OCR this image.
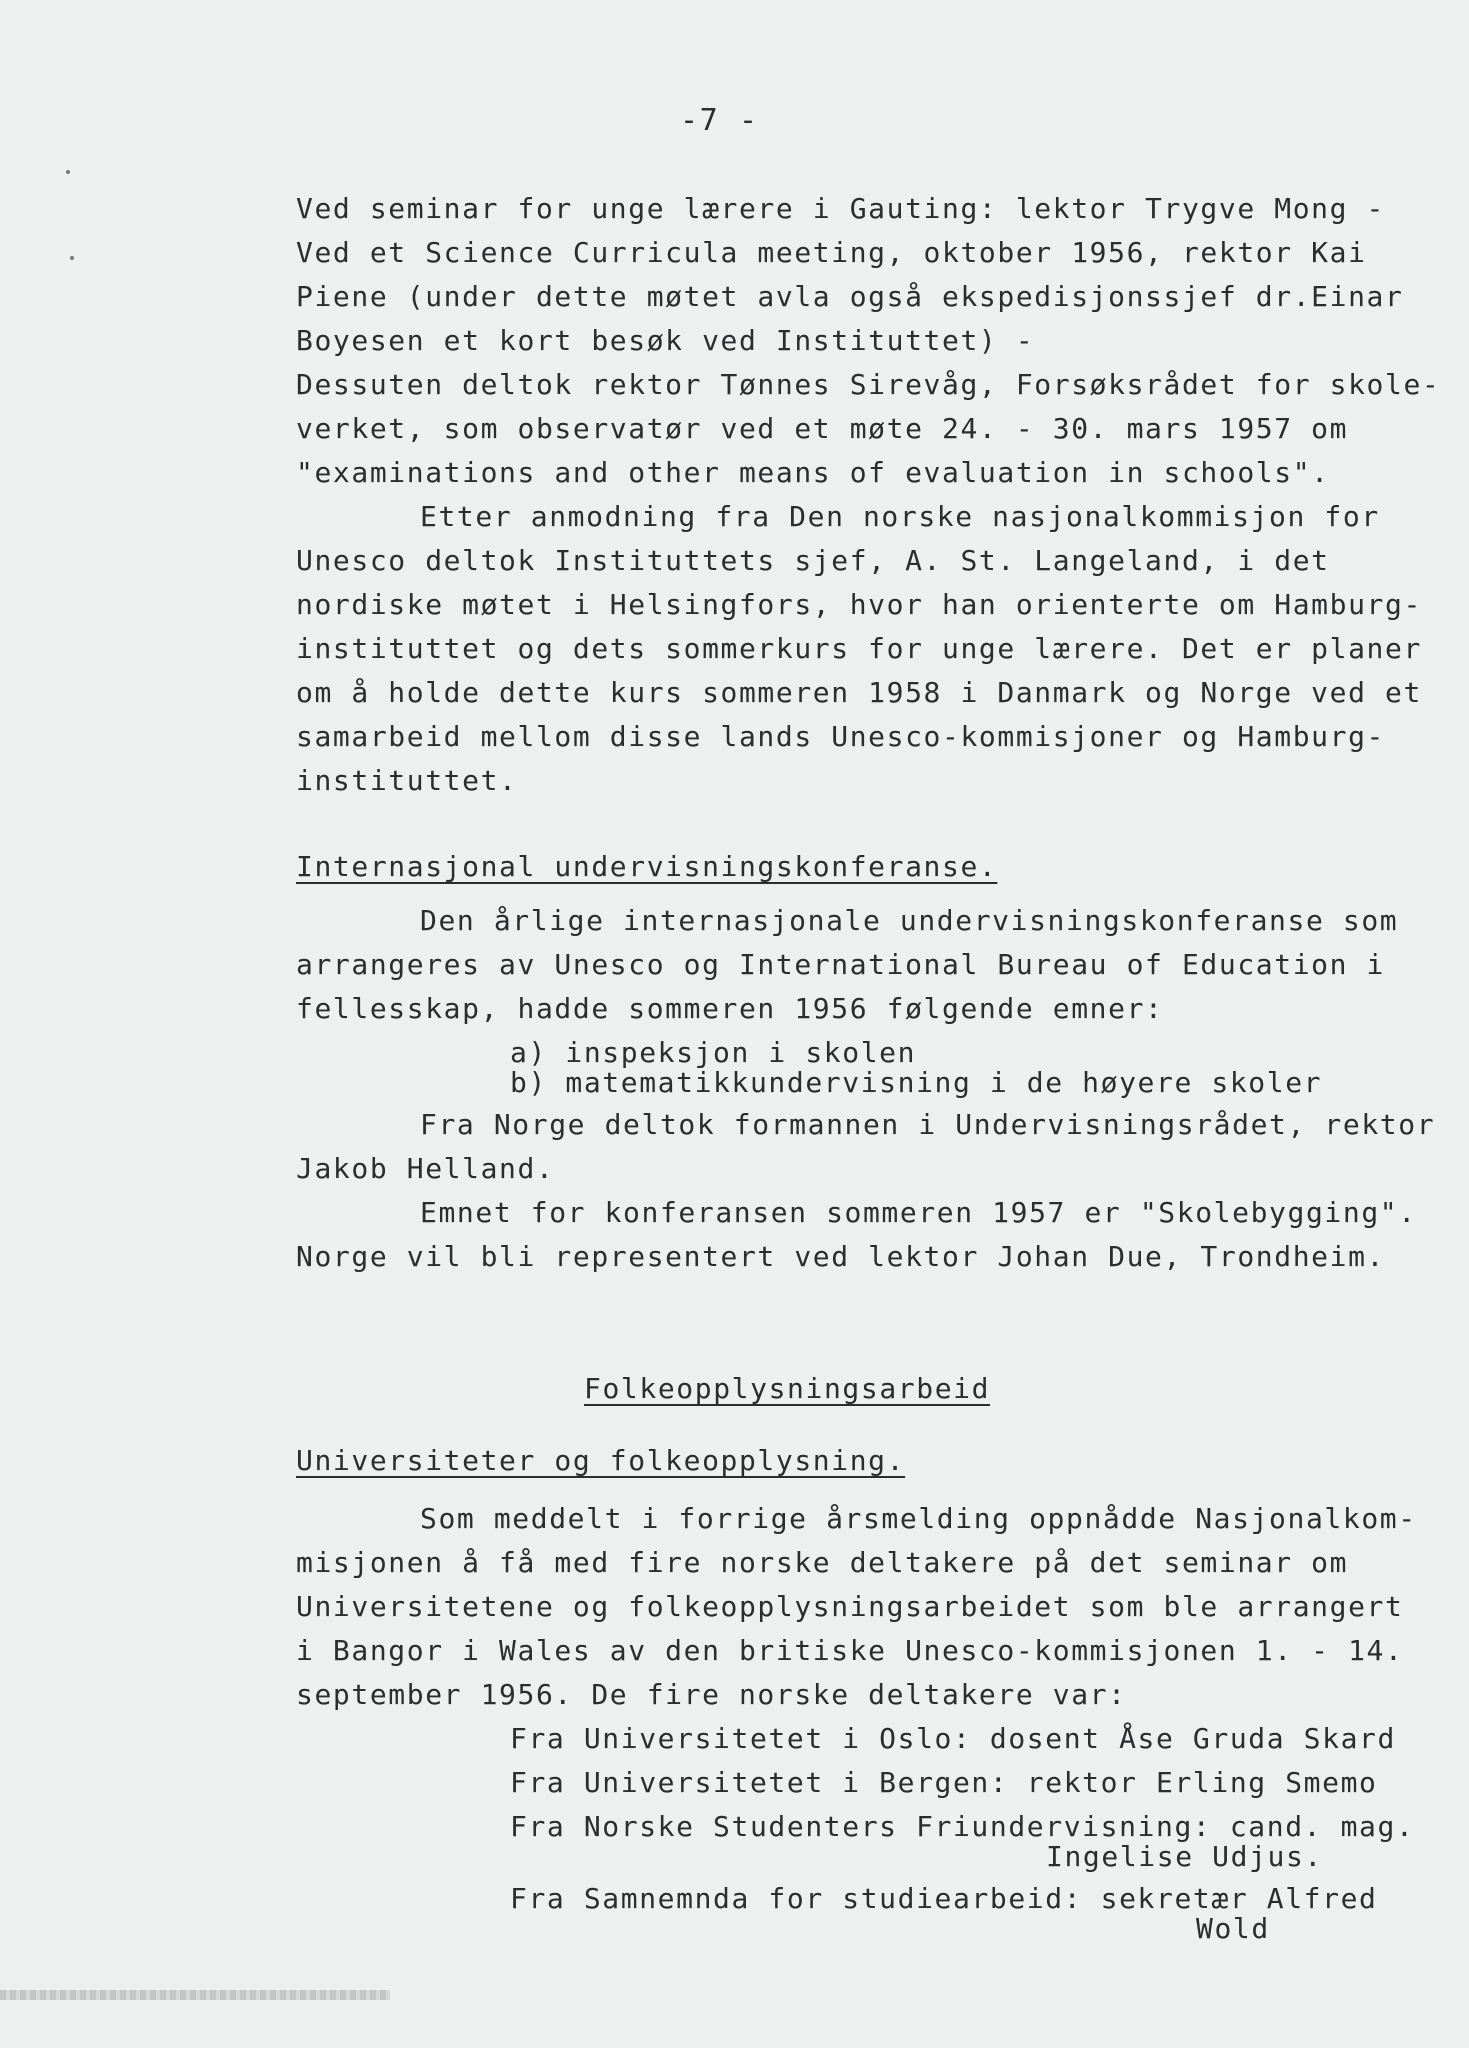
-7 -
Ved seminar for unge lærere i Gauting: lektor Trygve Mong -
Ved et Science Curricula meeting, oktober 1956, rektor Kai
Piene (under dette møtet avla også ekspedisjonssjef dr.Einar
Boyesen et kort besøk ved Instituttet) -
Dessuten deltok rektor Tønnes Sirevåg, Forsøksrådet for skole-
verket, som observatør ved et møte 24. - 30. mars 1957 om
"examinations and other means of evaluation in schools".
Etter anmodning fra Den norske nasjonalkommisjon for
Unesco deltok Instituttets sjef, A. St. Langeland, i det
nordiske møtet i Helsingfors, hvor han orienterte om Hamburg-
instituttet og dets sommerkurs for unge lærere. Det er planer
om å holde dette kurs sommeren 1958 i Danmark og Norge ved et
samarbeid mellom disse lands Unesco-kommisjoner og Hamburg-
instituttet.
Internasjonal undervisningskonferanse.
Den årlige internasjonale undervisningskonferanse som
arrangeres av Unesco og International Bureau of Education i
fellesskap, hadde sommeren 1956 følgende emner:
a) inspeksjon i skolen
b) matematikkundervisning i de høyere skoler
Fra Norge deltok formannen i Undervisningsrådet, rektor
Jakob Helland.
Emnet for konferansen sommeren 1957 er "Skolebygging".
Norge vil bli representert ved lektor Johan Due, Trondheim.
Folkeopplysningsarbeid
Universiteter og folkeopplysning.
Som meddelt i forrige årsmelding oppnådde Nasjonalkom-
misjonen å få med fire norske deltakere på det seminar om
Universitetene og folkeopplysningsarbeidet som ble arrangert
i Bangor i Wales av den britiske Unesco-kommisjonen 1. - 14.
september 1956. De fire norske deltakere var:
Fra Universitetet i Oslo: dosent Åse Gruda Skard
Fra Universitetet i Bergen: rektor Erling Smemo
Fra Norske Studenters Friundervisning: cand. mag.
Ingelise Udjus.
Fra Samnemnda for studiearbeid: sekretær Alfred
Wold
